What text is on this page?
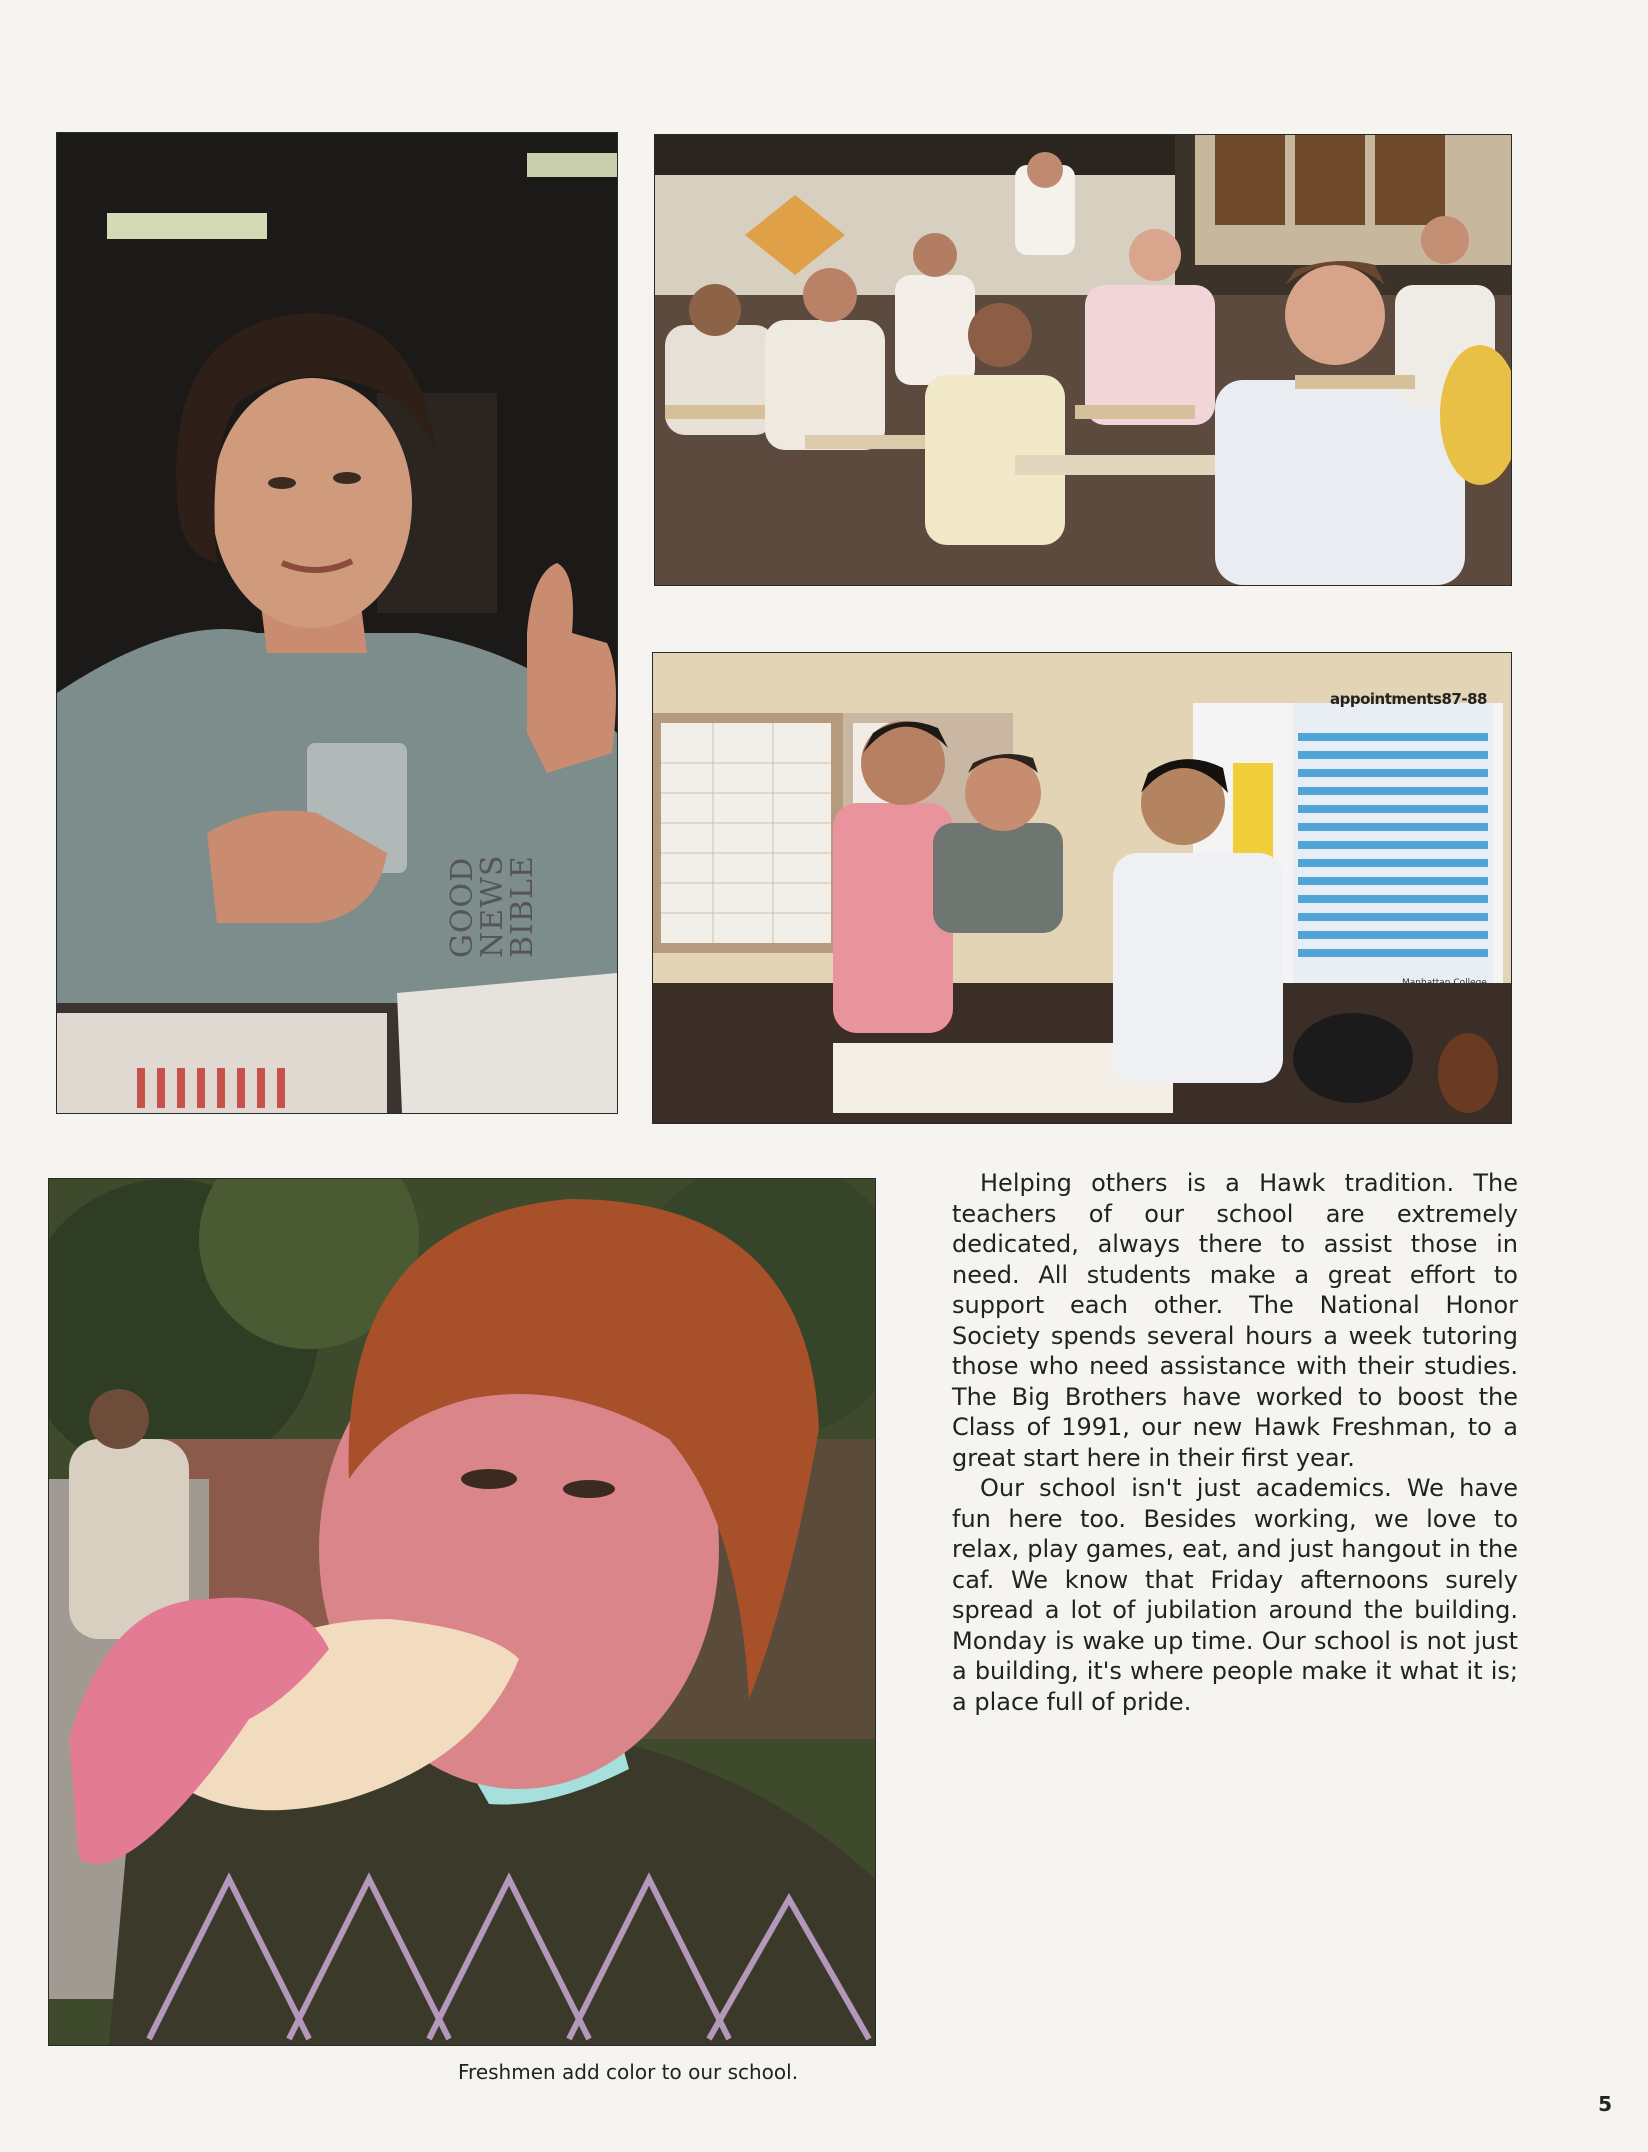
GOOD
NEWS
BIBLE
appointments87-88
Manhattan College

Helping others is a Hawk tradition. The teachers of our school are extremely dedicated, always there to assist those in need. All students make a great effort to support each other. The National Honor Society spends several hours a week tutoring those who need assistance with their studies. The Big Brothers have worked to boost the Class of 1991, our new Hawk Freshman, to a great start here in their first year.

Our school isn't just academics. We have fun here too. Besides working, we love to relax, play games, eat, and just hangout in the caf. We know that Friday afternoons surely spread a lot of jubilation around the building. Monday is wake up time. Our school is not just a building, it's where people make it what it is; a place full of pride.

Freshmen add color to our school.
5
